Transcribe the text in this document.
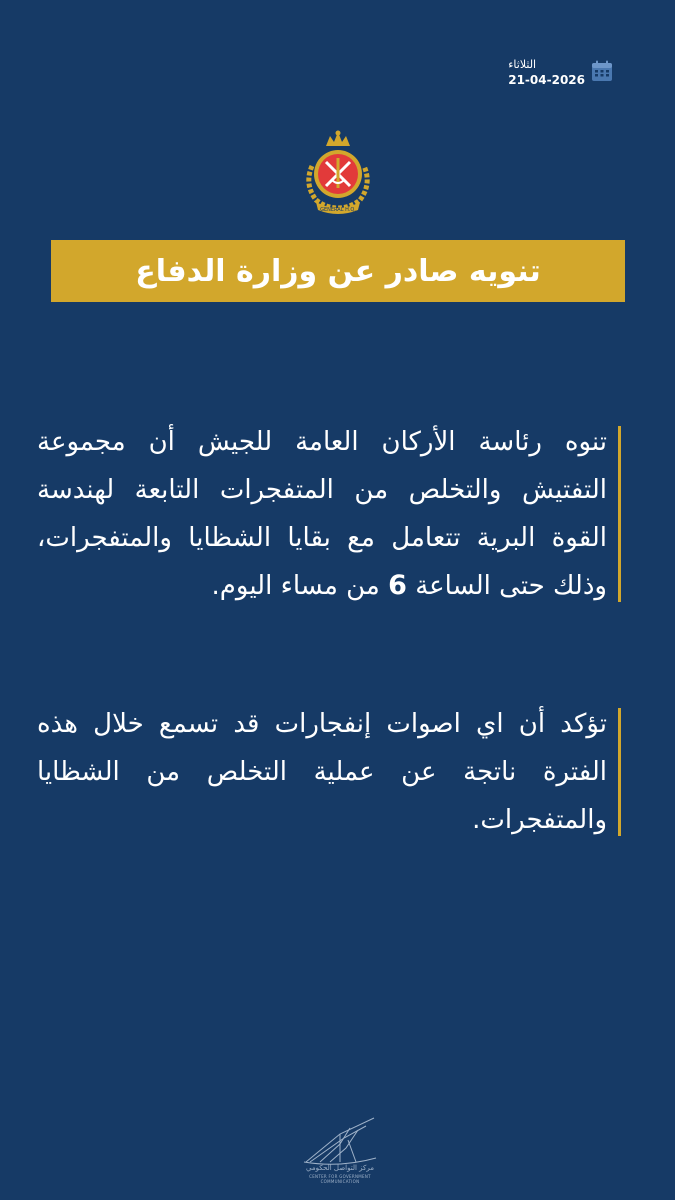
الثلاثاء
21-04-2026
GENERAL H.Q.
تنويه صادر عن وزارة الدفاع
تنوه رئاسة الأركان العامة للجيش أن مجموعة التفتيش والتخلص من المتفجرات التابعة لهندسة القوة البرية تتعامل مع بقايا الشظايا والمتفجرات، وذلك حتى الساعة 6 من مساء اليوم.
تؤكد أن اي اصوات إنفجارات قد تسمع خلال هذه الفترة ناتجة عن عملية التخلص من الشظايا والمتفجرات.
مركز التواصل الحكومي
CENTER FOR GOVERNMENT COMMUNICATION
